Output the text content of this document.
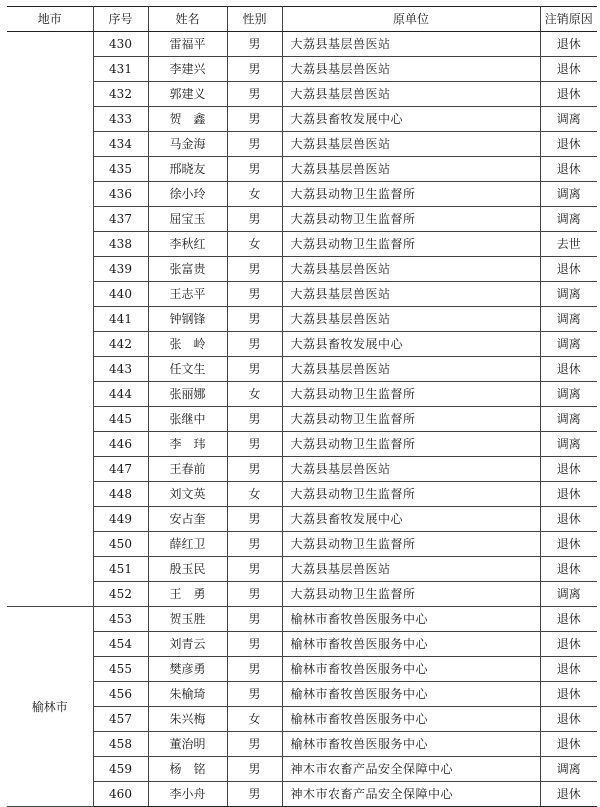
地市	序号	姓名	性别	原单位	注销原因
	430	雷福平	男	大荔县基层兽医站	退休
	431	李建兴	男	大荔县基层兽医站	退休
	432	郭建义	男	大荔县基层兽医站	退休
	433	贺　鑫	男	大荔县畜牧发展中心	调离
	434	马金海	男	大荔县基层兽医站	退休
	435	邢晓友	男	大荔县基层兽医站	退休
	436	徐小玲	女	大荔县动物卫生监督所	调离
	437	屈宝玉	男	大荔县动物卫生监督所	调离
	438	李秋红	女	大荔县动物卫生监督所	去世
	439	张富贵	男	大荔县基层兽医站	退休
	440	王志平	男	大荔县基层兽医站	调离
	441	钟钢锋	男	大荔县基层兽医站	调离
	442	张　岭	男	大荔县畜牧发展中心	调离
	443	任文生	男	大荔县基层兽医站	退休
	444	张丽娜	女	大荔县动物卫生监督所	调离
	445	张继中	男	大荔县动物卫生监督所	调离
	446	李　玮	男	大荔县动物卫生监督所	调离
	447	王春前	男	大荔县基层兽医站	退休
	448	刘文英	女	大荔县动物卫生监督所	退休
	449	安占奎	男	大荔县畜牧发展中心	退休
	450	薛红卫	男	大荔县动物卫生监督所	退休
	451	殷玉民	男	大荔县基层兽医站	退休
	452	王　勇	男	大荔县动物卫生监督所	调离
榆林市	453	贺玉胜	男	榆林市畜牧兽医服务中心	退休
	454	刘青云	男	榆林市畜牧兽医服务中心	退休
	455	樊彦勇	男	榆林市畜牧兽医服务中心	退休
	456	朱榆琦	男	榆林市畜牧兽医服务中心	退休
	457	朱兴梅	女	榆林市畜牧兽医服务中心	退休
	458	董治明	男	榆林市畜牧兽医服务中心	退休
	459	杨　铭	男	神木市农畜产品安全保障中心	调离
	460	李小舟	男	神木市农畜产品安全保障中心	退休
